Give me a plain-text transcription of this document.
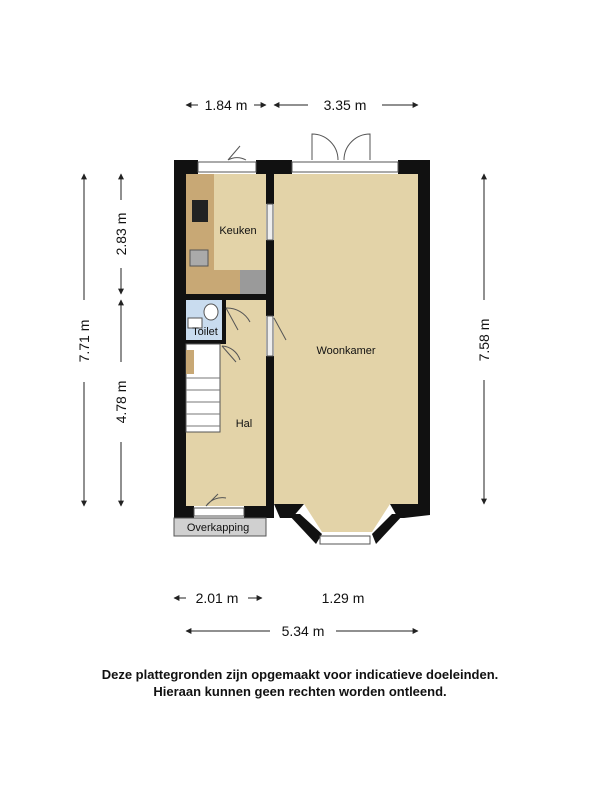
Keuken
Toilet
Hal
Woonkamer
Overkapping
1.84 m	3.35 m
7.71 m
2.83 m
4.78 m
7.58 m
2.01 m	1.29 m
5.34 m
Deze plattegronden zijn opgemaakt voor indicatieve doeleinden.
Hieraan kunnen geen rechten worden ontleend.
